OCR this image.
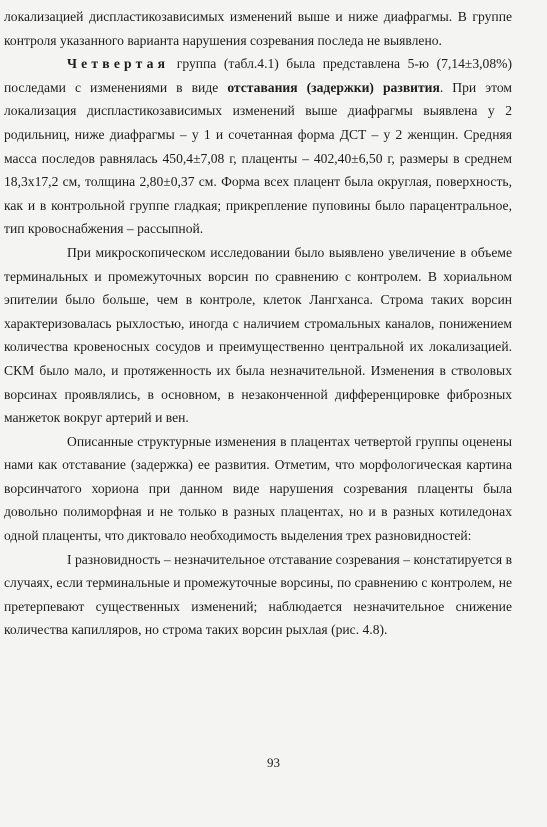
локализацией диспластикозависимых изменений выше и ниже диафрагмы. В группе контроля указанного варианта нарушения созревания последа не выявлено.

Четвертая группа (табл.4.1) была представлена 5-ю (7,14±3,08%) последами с изменениями в виде отставания (задержки) развития. При этом локализация диспластикозависимых изменений выше диафрагмы выявлена у 2 родильниц, ниже диафрагмы – у 1 и сочетанная форма ДСТ – у 2 женщин. Средняя масса последов равнялась 450,4±7,08 г, плаценты – 402,40±6,50 г, размеры в среднем 18,3x17,2 см, толщина 2,80±0,37 см. Форма всех плацент была округлая, поверхность, как и в контрольной группе гладкая; прикрепление пуповины было парацентральное, тип кровоснабжения – рассыпной.

При микроскопическом исследовании было выявлено увеличение в объеме терминальных и промежуточных ворсин по сравнению с контролем. В хориальном эпителии было больше, чем в контроле, клеток Лангханса. Строма таких ворсин характеризовалась рыхлостью, иногда с наличием стромальных каналов, понижением количества кровеносных сосудов и преимущественно центральной их локализацией. СКМ было мало, и протяженность их была незначительной. Изменения в стволовых ворсинах проявлялись, в основном, в незаконченной дифференцировке фиброзных манжеток вокруг артерий и вен.

Описанные структурные изменения в плацентах четвертой группы оценены нами как отставание (задержка) ее развития. Отметим, что морфологическая картина ворсинчатого хориона при данном виде нарушения созревания плаценты была довольно полиморфная и не только в разных плацентах, но и в разных котиледонах одной плаценты, что диктовало необходимость выделения трех разновидностей:

I разновидность – незначительное отставание созревания – констатируется в случаях, если терминальные и промежуточные ворсины, по сравнению с контролем, не претерпевают существенных изменений; наблюдается незначительное снижение количества капилляров, но строма таких ворсин рыхлая (рис. 4.8).

93
